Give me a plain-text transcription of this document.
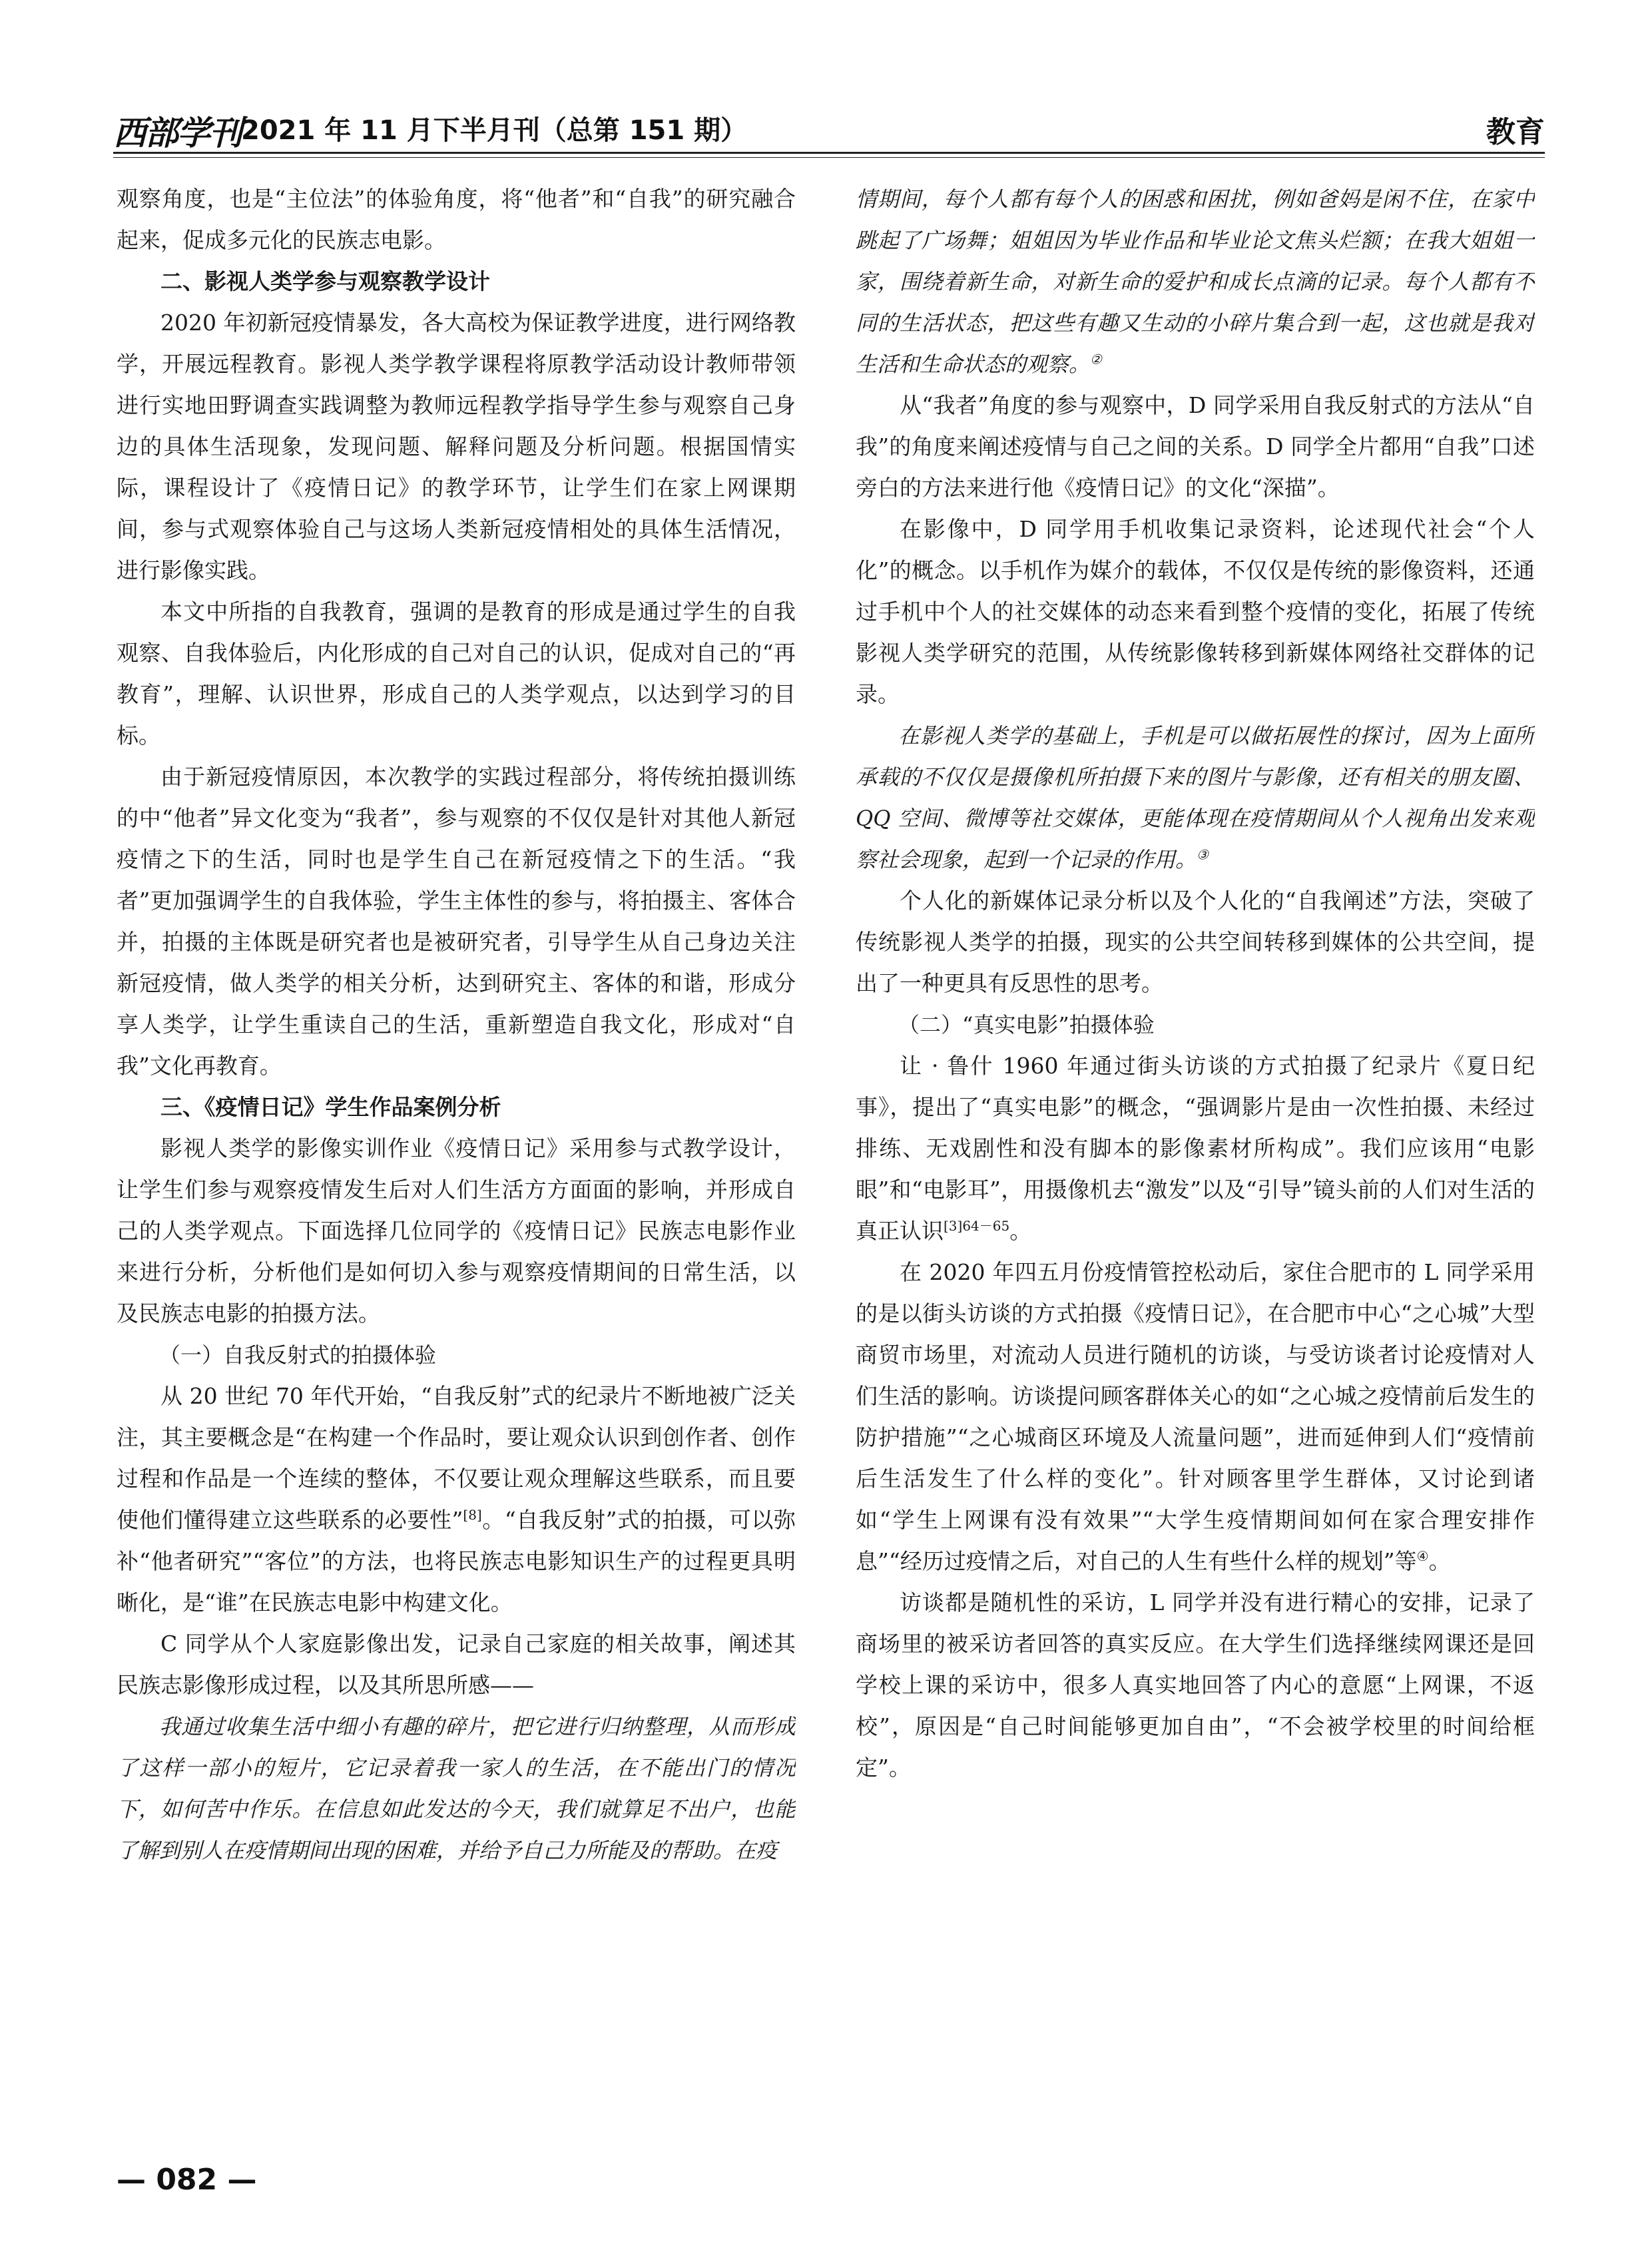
西部学刊 2021 年 11 月下半月刊（总第 151 期）	教育

观察角度，也是“主位法”的体验角度，将“他者”和“自我”的研究融合起来，促成多元化的民族志电影。

二、影视人类学参与观察教学设计

2020 年初新冠疫情暴发，各大高校为保证教学进度，进行网络教学，开展远程教育。影视人类学教学课程将原教学活动设计教师带领进行实地田野调查实践调整为教师远程教学指导学生参与观察自己身边的具体生活现象，发现问题、解释问题及分析问题。根据国情实际，课程设计了《疫情日记》的教学环节，让学生们在家上网课期间，参与式观察体验自己与这场人类新冠疫情相处的具体生活情况，进行影像实践。

本文中所指的自我教育，强调的是教育的形成是通过学生的自我观察、自我体验后，内化形成的自己对自己的认识，促成对自己的“再教育”，理解、认识世界，形成自己的人类学观点，以达到学习的目标。

由于新冠疫情原因，本次教学的实践过程部分，将传统拍摄训练的中“他者”异文化变为“我者”，参与观察的不仅仅是针对其他人新冠疫情之下的生活，同时也是学生自己在新冠疫情之下的生活。“我者”更加强调学生的自我体验，学生主体性的参与，将拍摄主、客体合并，拍摄的主体既是研究者也是被研究者，引导学生从自己身边关注新冠疫情，做人类学的相关分析，达到研究主、客体的和谐，形成分享人类学，让学生重读自己的生活，重新塑造自我文化，形成对“自我”文化再教育。

三、《疫情日记》学生作品案例分析

影视人类学的影像实训作业《疫情日记》采用参与式教学设计，让学生们参与观察疫情发生后对人们生活方方面面的影响，并形成自己的人类学观点。下面选择几位同学的《疫情日记》民族志电影作业来进行分析，分析他们是如何切入参与观察疫情期间的日常生活，以及民族志电影的拍摄方法。

（一）自我反射式的拍摄体验

从 20 世纪 70 年代开始，“自我反射”式的纪录片不断地被广泛关注，其主要概念是“在构建一个作品时，要让观众认识到创作者、创作过程和作品是一个连续的整体，不仅要让观众理解这些联系，而且要使他们懂得建立这些联系的必要性”[8]。“自我反射”式的拍摄，可以弥补“他者研究”“客位”的方法，也将民族志电影知识生产的过程更具明晰化，是“谁”在民族志电影中构建文化。

C 同学从个人家庭影像出发，记录自己家庭的相关故事，阐述其民族志影像形成过程，以及其所思所感——

我通过收集生活中细小有趣的碎片，把它进行归纳整理，从而形成了这样一部小的短片，它记录着我一家人的生活，在不能出门的情况下，如何苦中作乐。在信息如此发达的今天，我们就算足不出户，也能了解到别人在疫情期间出现的困难，并给予自己力所能及的帮助。在疫

情期间，每个人都有每个人的困惑和困扰，例如爸妈是闲不住，在家中跳起了广场舞；姐姐因为毕业作品和毕业论文焦头烂额；在我大姐姐一家，围绕着新生命，对新生命的爱护和成长点滴的记录。每个人都有不同的生活状态，把这些有趣又生动的小碎片集合到一起，这也就是我对生活和生命状态的观察。②

从“我者”角度的参与观察中，D 同学采用自我反射式的方法从“自我”的角度来阐述疫情与自己之间的关系。D 同学全片都用“自我”口述旁白的方法来进行他《疫情日记》的文化“深描”。

在影像中，D 同学用手机收集记录资料，论述现代社会“个人化”的概念。以手机作为媒介的载体，不仅仅是传统的影像资料，还通过手机中个人的社交媒体的动态来看到整个疫情的变化，拓展了传统影视人类学研究的范围，从传统影像转移到新媒体网络社交群体的记录。

在影视人类学的基础上，手机是可以做拓展性的探讨，因为上面所承载的不仅仅是摄像机所拍摄下来的图片与影像，还有相关的朋友圈、QQ 空间、微博等社交媒体，更能体现在疫情期间从个人视角出发来观察社会现象，起到一个记录的作用。③

个人化的新媒体记录分析以及个人化的“自我阐述”方法，突破了传统影视人类学的拍摄，现实的公共空间转移到媒体的公共空间，提出了一种更具有反思性的思考。

（二）“真实电影”拍摄体验

让 · 鲁什 1960 年通过街头访谈的方式拍摄了纪录片《夏日纪事》，提出了“真实电影”的概念，“强调影片是由一次性拍摄、未经过排练、无戏剧性和没有脚本的影像素材所构成”。我们应该用“电影眼”和“电影耳”，用摄像机去“激发”以及“引导”镜头前的人们对生活的真正认识$^{[3]64-65}$。

在 2020 年四五月份疫情管控松动后，家住合肥市的 L 同学采用的是以街头访谈的方式拍摄《疫情日记》，在合肥市中心“之心城”大型商贸市场里，对流动人员进行随机的访谈，与受访谈者讨论疫情对人们生活的影响。访谈提问顾客群体关心的如“之心城之疫情前后发生的防护措施”“之心城商区环境及人流量问题”，进而延伸到人们“疫情前后生活发生了什么样的变化”。针对顾客里学生群体，又讨论到诸如“学生上网课有没有效果”“大学生疫情期间如何在家合理安排作息”“经历过疫情之后，对自己的人生有些什么样的规划”等④。

访谈都是随机性的采访，L 同学并没有进行精心的安排，记录了商场里的被采访者回答的真实反应。在大学生们选择继续网课还是回学校上课的采访中，很多人真实地回答了内心的意愿“上网课，不返校”，原因是“自己时间能够更加自由”，“不会被学校里的时间给框定”。

— 082 —
